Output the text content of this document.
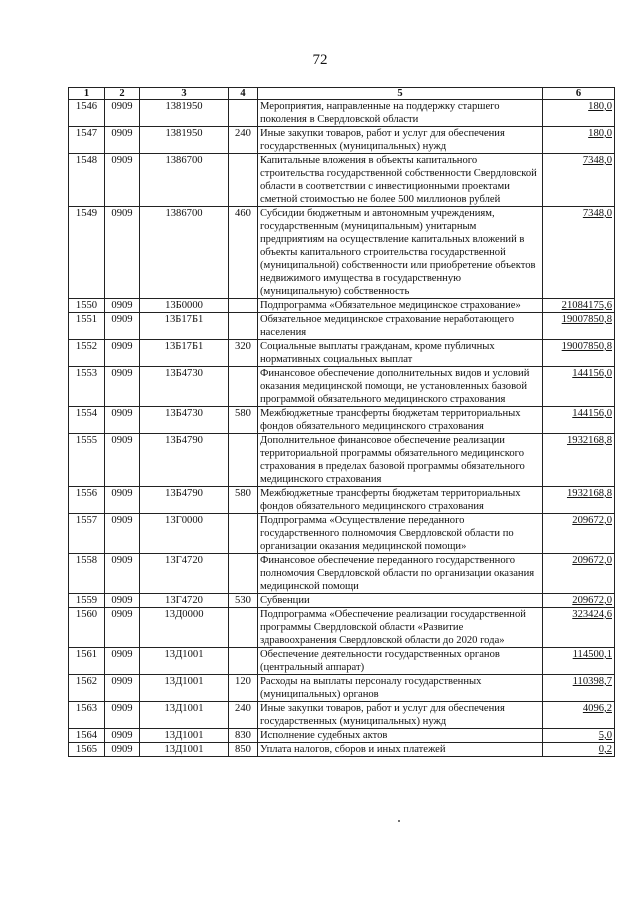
72
1	2	3	4	5	6
1546	0909	1381950		Мероприятия, направленные на поддержку старшего поколения в Свердловской области	180,0
1547	0909	1381950	240	Иные закупки товаров, работ и услуг для обеспечения государственных (муниципальных) нужд	180,0
1548	0909	1386700		Капитальные вложения в объекты капитального строительства государственной собственности Свердловской области в соответствии с инвестиционными проектами сметной стоимостью не более 500 миллионов рублей	7348,0
1549	0909	1386700	460	Субсидии бюджетным и автономным учреждениям, государственным (муниципальным) унитарным предприятиям на осуществление капитальных вложений в объекты капитального строительства государственной (муниципальной) собственности или приобретение объектов недвижимого имущества в государственную (муниципальную) собственность	7348,0
1550	0909	13Б0000		Подпрограмма «Обязательное медицинское страхование»	21084175,6
1551	0909	13Б17Б1		Обязательное медицинское страхование неработающего населения	19007850,8
1552	0909	13Б17Б1	320	Социальные выплаты гражданам, кроме публичных нормативных социальных выплат	19007850,8
1553	0909	13Б4730		Финансовое обеспечение дополнительных видов и условий оказания медицинской помощи, не установленных базовой программой обязательного медицинского страхования	144156,0
1554	0909	13Б4730	580	Межбюджетные трансферты бюджетам территориальных фондов обязательного медицинского страхования	144156,0
1555	0909	13Б4790		Дополнительное финансовое обеспечение реализации территориальной программы обязательного медицинского страхования в пределах базовой программы обязательного медицинского страхования	1932168,8
1556	0909	13Б4790	580	Межбюджетные трансферты бюджетам территориальных фондов обязательного медицинского страхования	1932168,8
1557	0909	13Г0000		Подпрограмма «Осуществление переданного государственного полномочия Свердловской области по организации оказания медицинской помощи»	209672,0
1558	0909	13Г4720		Финансовое обеспечение переданного государственного полномочия Свердловской области по организации оказания медицинской помощи	209672,0
1559	0909	13Г4720	530	Субвенции	209672,0
1560	0909	13Д0000		Подпрограмма «Обеспечение реализации государственной программы Свердловской области «Развитие здравоохранения Свердловской области до 2020 года»	323424,6
1561	0909	13Д1001		Обеспечение деятельности государственных органов (центральный аппарат)	114500,1
1562	0909	13Д1001	120	Расходы на выплаты персоналу государственных (муниципальных) органов	110398,7
1563	0909	13Д1001	240	Иные закупки товаров, работ и услуг для обеспечения государственных (муниципальных) нужд	4096,2
1564	0909	13Д1001	830	Исполнение судебных актов	5,0
1565	0909	13Д1001	850	Уплата налогов, сборов и иных платежей	0,2
